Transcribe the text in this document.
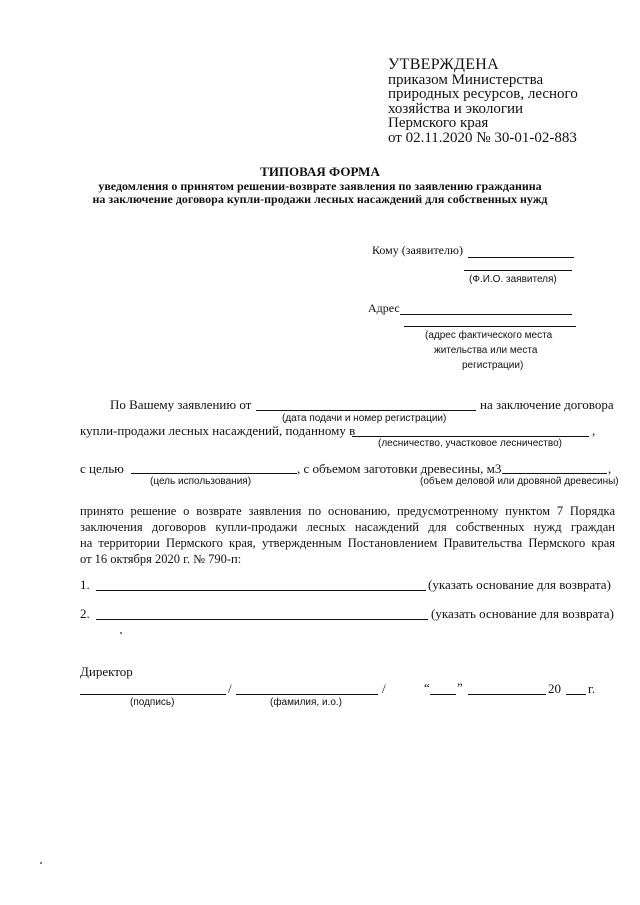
УТВЕРЖДЕНА
приказом Министерства
природных ресурсов, лесного
хозяйства и экологии
Пермского края
от 02.11.2020 № 30-01-02-883
ТИПОВАЯ ФОРМА
уведомления о принятом решении-возврате заявления по заявлению гражданина
на заключение договора купли-продажи лесных насаждений для собственных нужд
Кому (заявителю)
(Ф.И.О. заявителя)
Адрес
(адрес фактического места
жительства или места
регистрации)
По Вашему заявлению от	на заключение договора
(дата подачи и номер регистрации)
купли-продажи лесных насаждений, поданному в	,
(лесничество, участковое лесничество)
с целью	, с объемом заготовки древесины, м3	,
(цель использования)	(объем деловой или дровяной древесины)
принято решение о возврате заявления по основанию, предусмотренному пунктом 7 Порядка
заключения договоров купли-продажи лесных насаждений для собственных нужд граждан
на территории Пермского края, утвержденным Постановлением Правительства Пермского края
от 16 октября 2020 г. № 790-п:
1.	(указать основание для возврата)
2.	(указать основание для возврата)
Директор
/	/	“ ”	20 г.
(подпись)	(фамилия, и.о.)
